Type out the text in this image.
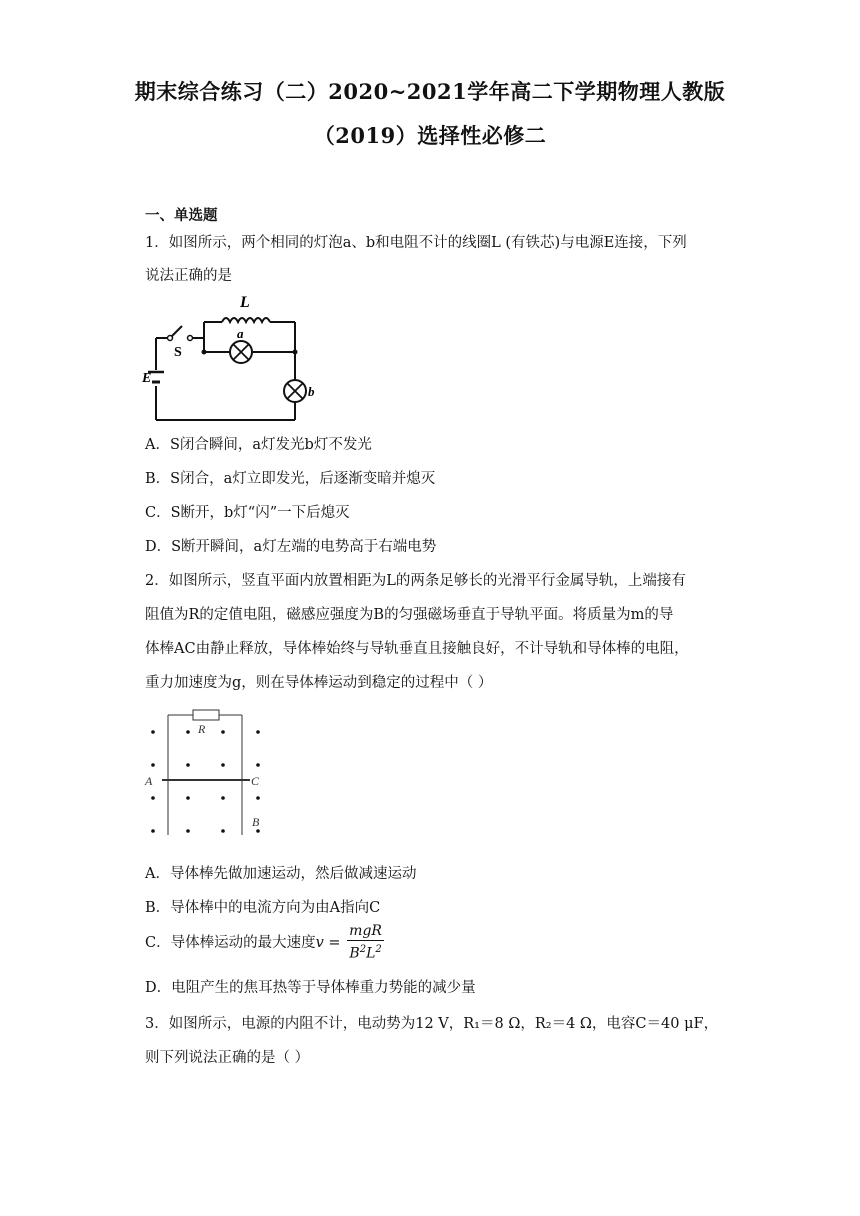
期末综合练习（二）2020~2021学年高二下学期物理人教版
（2019）选择性必修二
一、单选题
1．如图所示，两个相同的灯泡a、b和电阻不计的线圈L (有铁芯)与电源E连接，下列
说法正确的是
L
a
b
S
E
A．S闭合瞬间，a灯发光b灯不发光
B．S闭合，a灯立即发光，后逐渐变暗并熄灭
C．S断开，b灯“闪”一下后熄灭
D．S断开瞬间，a灯左端的电势高于右端电势
2．如图所示，竖直平面内放置相距为L的两条足够长的光滑平行金属导轨，上端接有
阻值为R的定值电阻，磁感应强度为B的匀强磁场垂直于导轨平面。将质量为m的导
体棒AC由静止释放，导体棒始终与导轨垂直且接触良好，不计导轨和导体棒的电阻，
重力加速度为g，则在导体棒运动到稳定的过程中（ ）
R
A	C
B
A．导体棒先做加速运动，然后做减速运动
B．导体棒中的电流方向为由A指向C
C．导体棒运动的最大速度$v = \frac{\text{mgR}}{B^2L^2}$
D．电阻产生的焦耳热等于导体棒重力势能的减少量
3．如图所示，电源的内阻不计，电动势为12 V，R₁＝8 Ω，R₂＝4 Ω，电容C＝40 μF，
则下列说法正确的是（ ）
